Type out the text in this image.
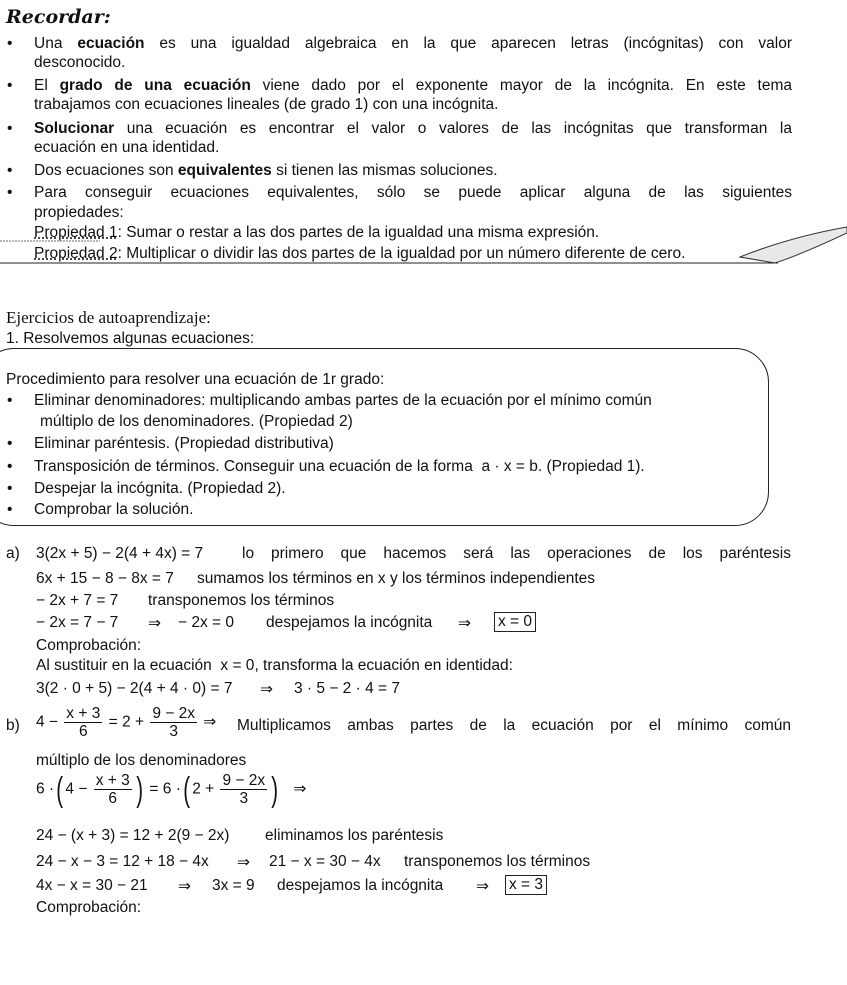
Recordar:
• Una ecuación es una igualdad algebraica en la que aparecen letras (incógnitas) con valor
desconocido.
• El grado de una ecuación viene dado por el exponente mayor de la incógnita. En este tema
trabajamos con ecuaciones lineales (de grado 1) con una incógnita.
• Solucionar una ecuación es encontrar el valor o valores de las incógnitas que transforman la
ecuación en una identidad.
• Dos ecuaciones son equivalentes si tienen las mismas soluciones.
• Para conseguir ecuaciones equivalentes, sólo se puede aplicar alguna de las siguientes
propiedades:
Propiedad 1: Sumar o restar a las dos partes de la igualdad una misma expresión.
Propiedad 2: Multiplicar o dividir las dos partes de la igualdad por un número diferente de cero.
Ejercicios de autoaprendizaje:
1. Resolvemos algunas ecuaciones:
Procedimiento para resolver una ecuación de 1r grado:
• Eliminar denominadores: multiplicando ambas partes de la ecuación por el mínimo común
múltiplo de los denominadores. (Propiedad 2)
• Eliminar paréntesis. (Propiedad distributiva)
• Transposición de términos. Conseguir una ecuación de la forma a · x = b. (Propiedad 1).
• Despejar la incógnita. (Propiedad 2).
• Comprobar la solución.
a) 3(2x + 5) − 2(4 + 4x) = 7	lo primero que hacemos será las operaciones de los paréntesis
6x + 15 − 8 − 8x = 7 sumamos los términos en x y los términos independientes
− 2x + 7 = 7 transponemos los términos
− 2x = 7 − 7 ⇒ − 2x = 0 despejamos la incógnita ⇒ x = 0
Comprobación:
Al sustituir en la ecuación x = 0, transforma la ecuación en identidad:
3(2 · 0 + 5) − 2(4 + 4 · 0) = 7 ⇒ 3 · 5 − 2 · 4 = 7
b) $4 - \frac{x + 3}{6} = 2 + \frac{9 - 2x}{3}$ ⇒ Multiplicamos ambas partes de la ecuación por el mínimo común
múltiplo de los denominadores
6 ·( $4 - \frac{x + 3}{6}$ ) = 6 ·( $2 + \frac{9 - 2x}{3}$ ) ⇒
24 − (x + 3) = 12 + 2(9 − 2x) eliminamos los paréntesis
24 − x − 3 = 12 + 18 − 4x ⇒ 21 − x = 30 − 4x transponemos los términos
4x − x = 30 − 21 ⇒ 3x = 9 despejamos la incógnita ⇒ x = 3
Comprobación:
